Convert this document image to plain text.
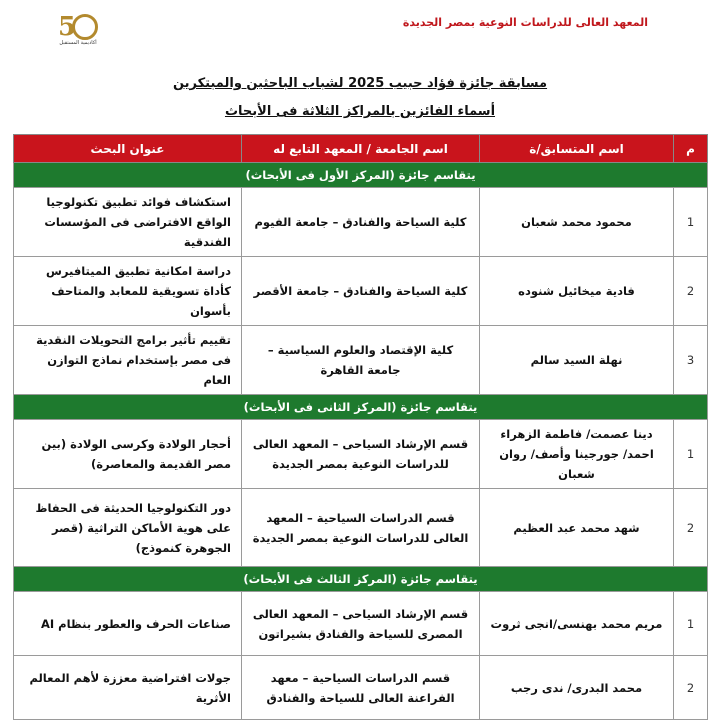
المعهد العالى للدراسات النوعية بمصر الجديدة
5
أكاديمية المستقبل
مسابقة جائزة فؤاد حبيب 2025 لشباب الباحثين والمبتكرين
أسماء الفائزين بالمراكز الثلاثة فى الأبحاث
م	اسم المتسابق/ة	اسم الجامعة / المعهد التابع له	عنوان البحث
يتقاسم جائزة (المركز الأول فى الأبحاث)			
1	محمود محمد شعبان	كلية السياحة والفنادق – جامعة الفيوم	استكشاف فوائد تطبيق تكنولوجيا الواقع الافتراضى فى المؤسسات الفندقية
2	فادية ميخائيل شنوده	كلية السياحة والفنادق – جامعة الأقصر	دراسة امكانية تطبيق الميتافيرس كأداة تسويقية للمعابد والمتاحف بأسوان
3	نهلة السيد سالم	كلية الإقتصاد والعلوم السياسية – جامعة القاهرة	تقييم تأثير برامج التحويلات النقدية فى مصر بإستخدام نماذج التوازن العام
يتقاسم جائزة (المركز الثانى فى الأبحاث)			
1	دينا عصمت/ فاطمة الزهراء احمد/ جورجينا وأصف/ روان شعبان	قسم الإرشاد السياحى – المعهد العالى للدراسات النوعية بمصر الجديدة	أحجار الولادة وكرسى الولادة (بين مصر القديمة والمعاصرة)
2	شهد محمد عبد العظيم	قسم الدراسات السياحية – المعهد العالى للدراسات النوعية بمصر الجديدة	دور التكنولوجيا الحديثة فى الحفاظ على هوية الأماكن التراثية (قصر الجوهرة كنموذج)
يتقاسم جائزة (المركز الثالث فى الأبحاث)			
1	مريم محمد بهنسى/انجى ثروت	قسم الإرشاد السياحى – المعهد العالى المصرى للسياحة والفنادق بشيراتون	صناعات الحرف والعطور بنظام AI
2	محمد البدرى/ ندى رجب	قسم الدراسات السياحية – معهد الفراعنة العالى للسياحة والفنادق	جولات افتراضية معززة لأهم المعالم الأثرية
